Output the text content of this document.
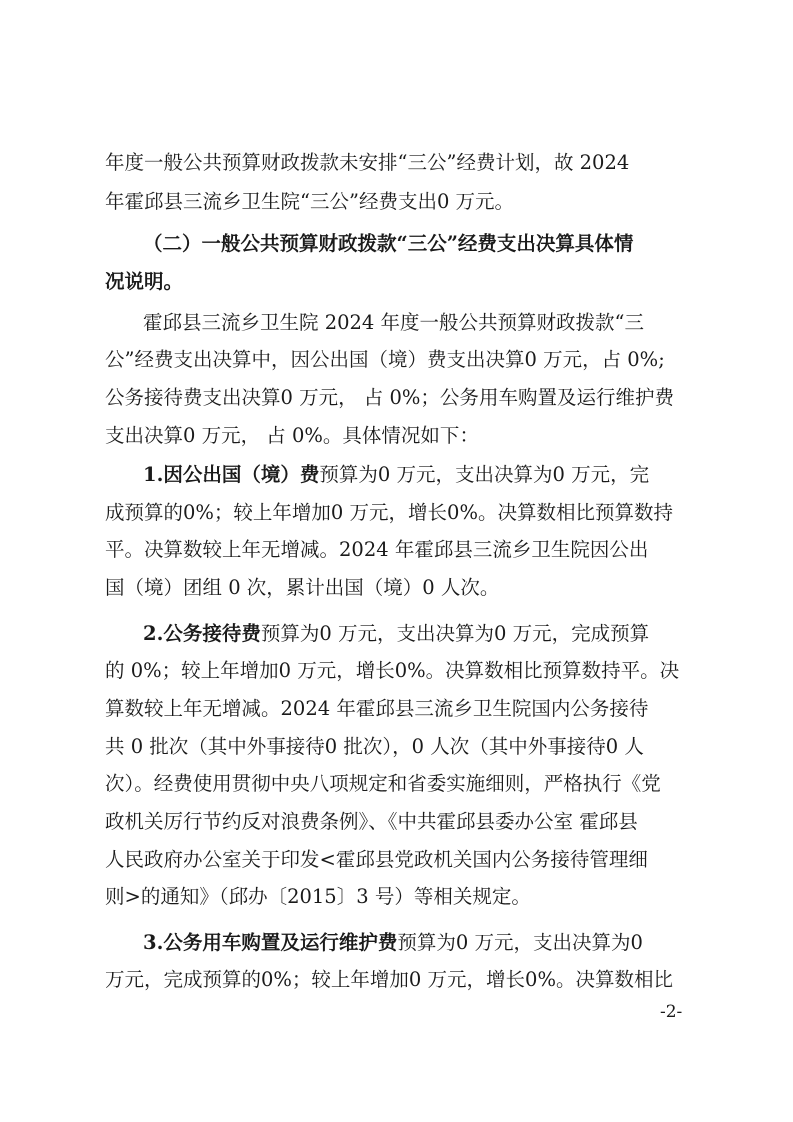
年度一般公共预算财政拨款未安排“三公”经费计划，故 2024
年霍邱县三流乡卫生院“三公”经费支出0 万元。
（二）一般公共预算财政拨款“三公”经费支出决算具体情
况说明。
霍邱县三流乡卫生院 2024 年度一般公共预算财政拨款“三
公”经费支出决算中，因公出国（境）费支出决算0 万元，占 0%;
公务接待费支出决算0 万元， 占 0%；公务用车购置及运行维护费
支出决算0 万元， 占 0%。具体情况如下：
1.因公出国（境）费预算为0 万元，支出决算为0 万元，完
成预算的0%；较上年增加0 万元，增长0%。决算数相比预算数持
平。决算数较上年无增减。2024 年霍邱县三流乡卫生院因公出
国（境）团组 0 次，累计出国（境）0 人次。
2.公务接待费预算为0 万元，支出决算为0 万元，完成预算
的 0%；较上年增加0 万元，增长0%。决算数相比预算数持平。决
算数较上年无增减。2024 年霍邱县三流乡卫生院国内公务接待
共 0 批次（其中外事接待0 批次），0 人次（其中外事接待0 人
次）。经费使用贯彻中央八项规定和省委实施细则，严格执行《党
政机关厉行节约反对浪费条例》、《中共霍邱县委办公室 霍邱县
人民政府办公室关于印发<霍邱县党政机关国内公务接待管理细
则>的通知》（邱办〔2015〕3 号）等相关规定。
3.公务用车购置及运行维护费预算为0 万元，支出决算为0
万元，完成预算的0%；较上年增加0 万元，增长0%。决算数相比
-2-
